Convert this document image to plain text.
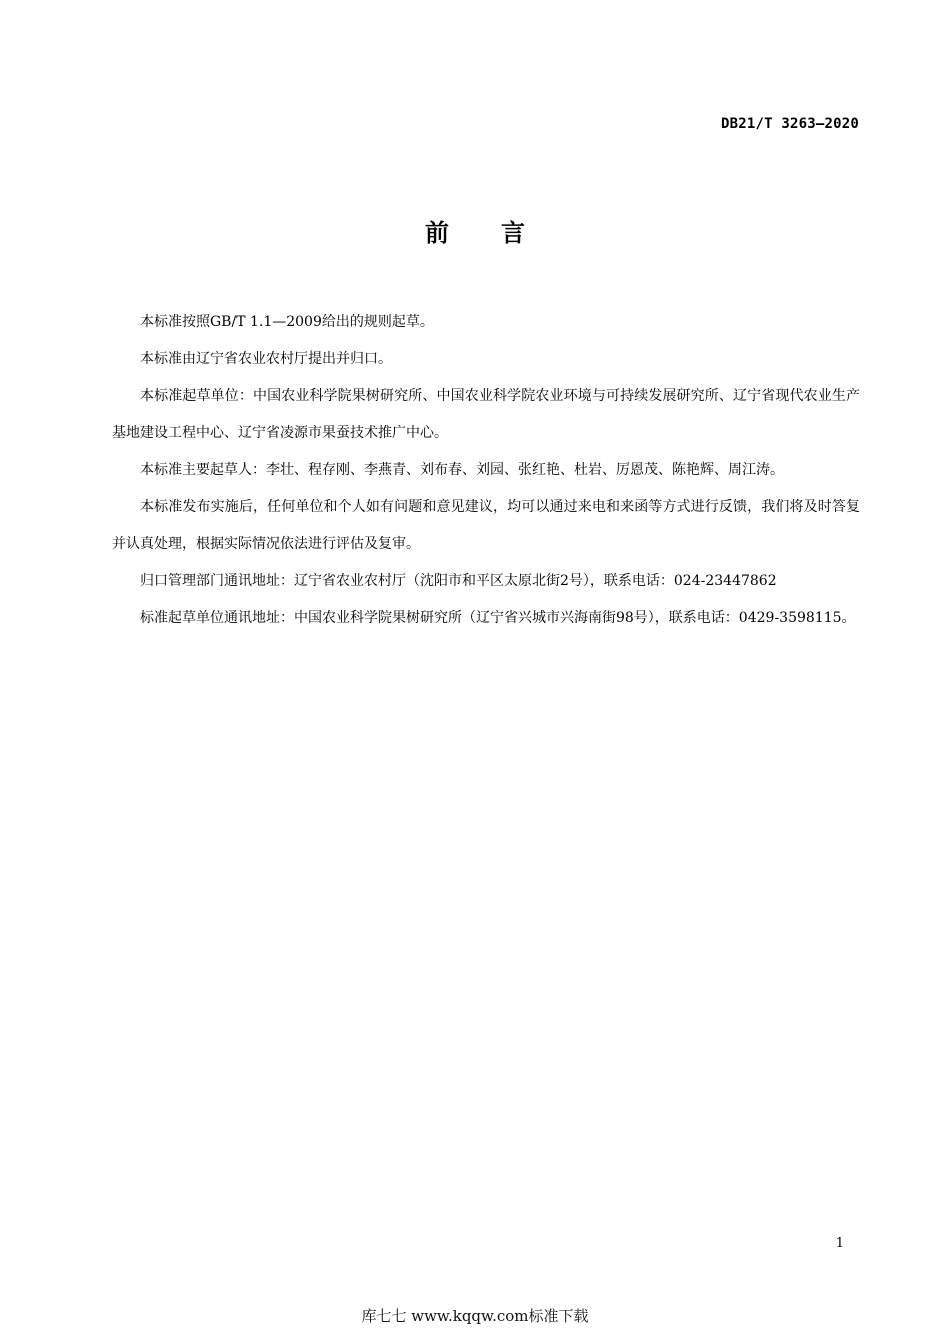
DB21/T 3263—2020
前言

本标准按照GB/T 1.1—2009给出的规则起草。

本标准由辽宁省农业农村厅提出并归口。

本标准起草单位：中国农业科学院果树研究所、中国农业科学院农业环境与可持续发展研究所、辽宁省现代农业生产基地建设工程中心、辽宁省凌源市果蚕技术推广中心。

本标准主要起草人：李壮、程存刚、李燕青、刘布春、刘园、张红艳、杜岩、厉恩茂、陈艳辉、周江涛。

本标准发布实施后，任何单位和个人如有问题和意见建议，均可以通过来电和来函等方式进行反馈，我们将及时答复并认真处理，根据实际情况依法进行评估及复审。

归口管理部门通讯地址：辽宁省农业农村厅（沈阳市和平区太原北街2号），联系电话：024-23447862

标准起草单位通讯地址：中国农业科学院果树研究所（辽宁省兴城市兴海南街98号），联系电话：0429-3598115。

1
库七七 www.kqqw.com标准下载
